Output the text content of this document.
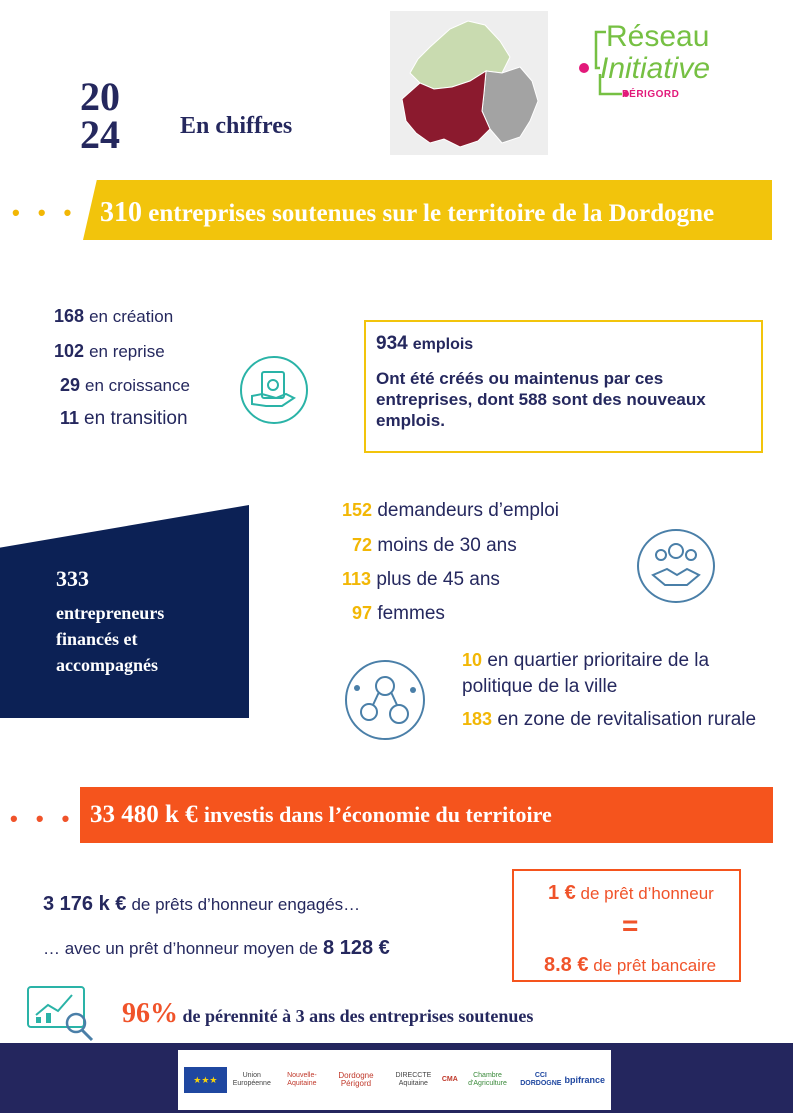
20
24	En chiffres
Réseau
Initiative
PÉRIGORD
• • • 310 entreprises soutenues sur le territoire de la Dordogne
168 en création
102 en reprise
29 en croissance
11 en transition
934 emplois
Ont été créés ou maintenus par ces entreprises, dont 588 sont des nouveaux emplois.
333
entrepreneurs financés et accompagnés
152 demandeurs d’emploi
72 moins de 30 ans
113 plus de 45 ans
97 femmes
10 en quartier prioritaire de la politique de la ville
183 en zone de revitalisation rurale
• • • 33 480 k € investis dans l’économie du territoire
3 176 k € de prêts d’honneur engagés…
… avec un prêt d’honneur moyen de 8 128 €
1 € de prêt d’honneur
=
8.8 € de prêt bancaire
96% de pérennité à 3 ans des entreprises soutenues
★★★	Union Européenne
Nouvelle-Aquitaine
Dordogne Périgord
DIRECCTE Aquitaine
CMA
Chambre d'Agriculture
CCI DORDOGNE bpifrance
